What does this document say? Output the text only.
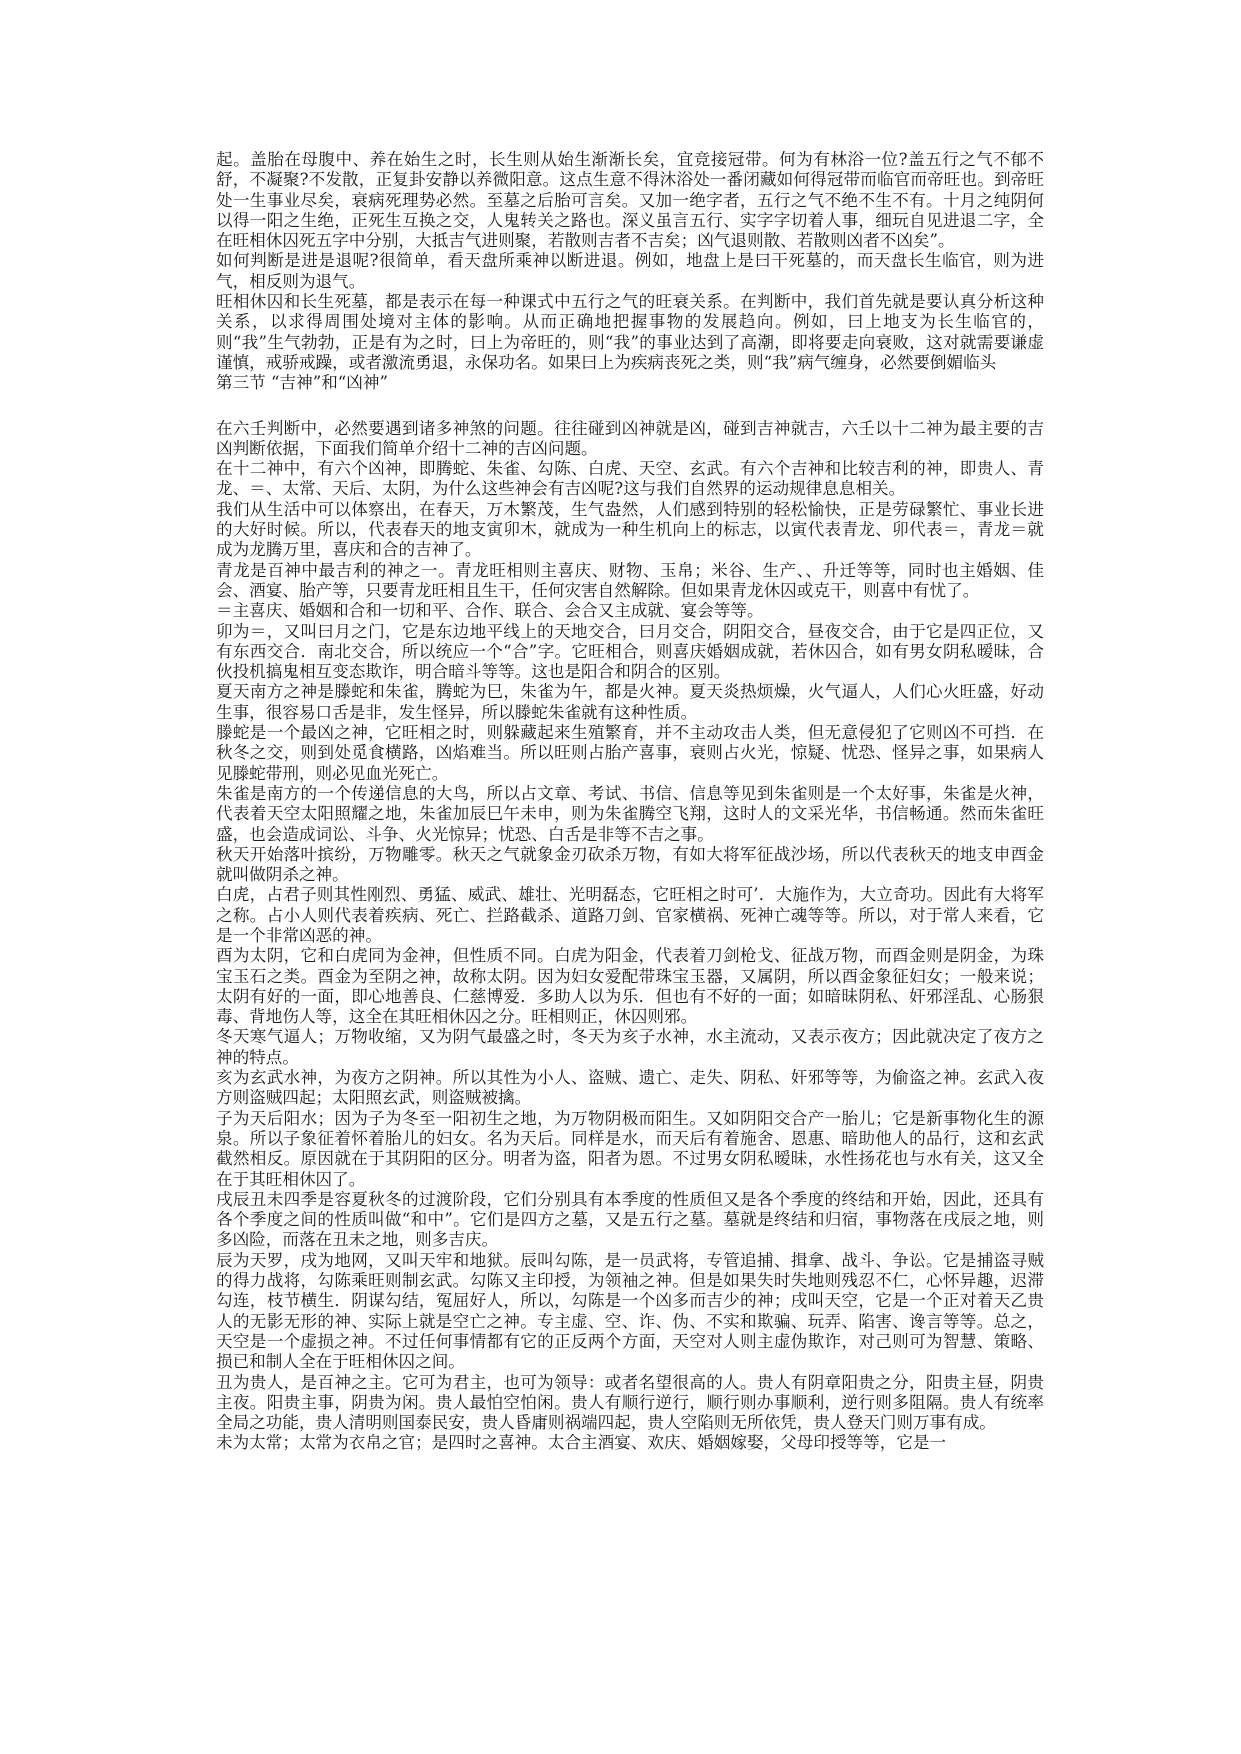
起。盖胎在母腹中、养在始生之时，长生则从始生渐渐长矣，宜竞接冠带。何为有林浴一位?盖五行之气不郁不舒，不凝聚?不发散，正复卦安静以养微阳意。这点生意不得沐浴处一番闭藏如何得冠带而临官而帝旺也。到帝旺处一生事业尽矣，衰病死理势必然。至墓之后胎可言矣。又加一绝字者，五行之气不绝不生不有。十月之纯阴何以得一阳之生绝，正死生互换之交，人鬼转关之路也。深义虽言五行、实字字切着人事，细玩自见进退二字，全在旺相休囚死五字中分别，大抵吉气进则聚，若散则吉者不吉矣；凶气退则散、若散则凶者不凶矣”。

如何判断是进是退呢?很简单，看天盘所乘神以断进退。例如，地盘上是曰干死墓的，而天盘长生临官，则为进气，相反则为退气。

旺相休囚和长生死墓，都是表示在每一种课式中五行之气的旺衰关系。在判断中，我们首先就是要认真分析这种关系，以求得周围处境对主体的影响。从而正确地把握事物的发展趋向。例如，曰上地支为长生临官的，则“我”生气勃勃，正是有为之时，曰上为帝旺的，则“我”的事业达到了高潮，即将要走向衰败，这对就需要谦虚谨慎，戒骄戒躁，或者激流勇退，永保功名。如果曰上为疾病丧死之类，则“我”病气缠身，必然要倒媚临头

第三节 “吉神”和“凶神”

在六壬判断中，必然要遇到诸多神煞的问题。往往碰到凶神就是凶，碰到吉神就吉，六壬以十二神为最主要的吉凶判断依据，下面我们简单介绍十二神的吉凶问题。

在十二神中，有六个凶神，即腾蛇、朱雀、勾陈、白虎、天空、玄武。有六个吉神和比较吉利的神，即贵人、青龙、＝、太常、天后、太阴，为什么这些神会有吉凶呢?这与我们自然界的运动规律息息相关。

我们从生活中可以体察出，在春天，万木繁茂，生气盎然，人们感到特别的轻松愉快，正是劳碌繁忙、事业长进的大好时候。所以，代表春天的地支寅卯木，就成为一种生机向上的标志，以寅代表青龙、卯代表＝，青龙＝就成为龙腾万里，喜庆和合的吉神了。

青龙是百神中最吉利的神之一。青龙旺相则主喜庆、财物、玉帛；米谷、生产、、升迁等等，同时也主婚姻、佳会、酒宴、胎产等，只要青龙旺相且生干，任何灾害自然解除。但如果青龙休囚或克干，则喜中有忧了。

＝主喜庆、婚姻和合和一切和平、合作、联合、会合又主成就、宴会等等。

卯为＝，又叫曰月之门，它是东边地平线上的天地交合，曰月交合，阴阳交合，昼夜交合，由于它是四正位，又有东西交合．南北交合，所以统应一个“合”字。它旺相合，则喜庆婚姻成就，若休囚合，如有男女阴私暧昧，合伙投机搞鬼相互变态欺诈，明合暗斗等等。这也是阳合和阴合的区别。

夏天南方之神是滕蛇和朱雀，腾蛇为巳，朱雀为午，都是火神。夏天炎热烦燥，火气逼人，人们心火旺盛，好动生事，很容易口舌是非，发生怪异，所以滕蛇朱雀就有这种性质。

滕蛇是一个最凶之神，它旺相之时，则躲藏起来生殖繁育，并不主动攻击人类，但无意侵犯了它则凶不可挡．在秋冬之交，则到处觅食横路，凶焰难当。所以旺则占胎产喜事，衰则占火光，惊疑、忧恐、怪异之事，如果病人见滕蛇带刑，则必见血光死亡。

朱雀是南方的一个传递信息的大鸟，所以占文章、考试、书信、信息等见到朱雀则是一个太好事，朱雀是火神，代表着天空太阳照耀之地，朱雀加辰巳午未申，则为朱雀腾空飞翔，这时人的文采光华，书信畅通。然而朱雀旺盛，也会造成词讼、斗争、火光惊异；忧恐、白舌是非等不吉之事。

秋天开始落叶摈纷，万物雕零。秋天之气就象金刃砍杀万物，有如大将军征战沙场，所以代表秋天的地支申酉金就叫做阴杀之神。

白虎，占君子则其性刚烈、勇猛、威武、雄壮、光明磊态，它旺相之时可’．大施作为，大立奇功。因此有大将军之称。占小人则代表着疾病、死亡、拦路截杀、道路刀剑、官家横祸、死神亡魂等等。所以，对于常人来看，它是一个非常凶恶的神。

酉为太阴，它和白虎同为金神，但性质不同。白虎为阳金，代表着刀剑枪戈、征战万物，而酉金则是阴金，为珠宝玉石之类。酉金为至阴之神，故称太阴。因为妇女爱配带珠宝玉器，又属阴，所以酉金象征妇女；一般来说；太阴有好的一面，即心地善良、仁慈博爱．多助人以为乐．但也有不好的一面；如暗昧阴私、奸邪淫乱、心肠狠毒、背地伤人等，这全在其旺相休囚之分。旺相则正，休囚则邪。

冬天寒气逼人；万物收缩，又为阴气最盛之时，冬天为亥子水神，水主流动，又表示夜方；因此就决定了夜方之神的特点。

亥为玄武水神，为夜方之阴神。所以其性为小人、盗贼、遗亡、走失、阴私、奸邪等等，为偷盗之神。玄武入夜方则盗贼四起；太阳照玄武，则盗贼被擒。

子为天后阳水；因为子为冬至一阳初生之地，为万物阴极而阳生。又如阴阳交合产一胎儿；它是新事物化生的源泉。所以子象征着怀着胎儿的妇女。名为天后。同样是水，而天后有着施舍、恩惠、暗助他人的品行，这和玄武截然相反。原因就在于其阴阳的区分。明者为盗，阳者为恩。不过男女阴私暧昧，水性扬花也与水有关，这又全在于其旺相休囚了。

戌辰丑未四季是容夏秋冬的过渡阶段，它们分别具有本季度的性质但又是各个季度的终结和开始，因此，还具有各个季度之间的性质叫做“和中”。它们是四方之墓，又是五行之墓。墓就是终结和归宿，事物落在戌辰之地，则多凶险，而落在丑未之地，则多吉庆。

辰为天罗，戌为地网，又叫天牢和地狱。辰叫勾陈，是一员武将，专管追捕、揖拿、战斗、争讼。它是捕盗寻贼的得力战将，勾陈乘旺则制玄武。勾陈又主印授，为领袖之神。但是如果失时失地则残忍不仁，心怀异趣，迟滞勾连，枝节横生．阴谋勾结，冤屈好人，所以，勾陈是一个凶多而吉少的神；戌叫天空，它是一个正对着天乙贵人的无影无形的神、实际上就是空亡之神。专主虚、空、诈、伪、不实和欺骗、玩弄、陷害、谗言等等。总之，天空是一个虚损之神。不过任何事情都有它的正反两个方面，天空对人则主虚伪欺诈，对己则可为智慧、策略、损已和制人全在于旺相休囚之间。

丑为贵人，是百神之主。它可为君主，也可为领导：或者名望很高的人。贵人有阴章阳贵之分，阳贵主昼，阴贵主夜。阳贵主事，阴贵为闲。贵人最怕空怕闲。贵人有顺行逆行，顺行则办事顺利，逆行则多阻隔。贵人有统率全局之功能，贵人清明则国泰民安，贵人昏庸则祸端四起，贵人空陷则无所依凭，贵人登天门则万事有成。

未为太常；太常为衣帛之官；是四时之喜神。太合主酒宴、欢庆、婚姻嫁娶，父母印授等等，它是一
